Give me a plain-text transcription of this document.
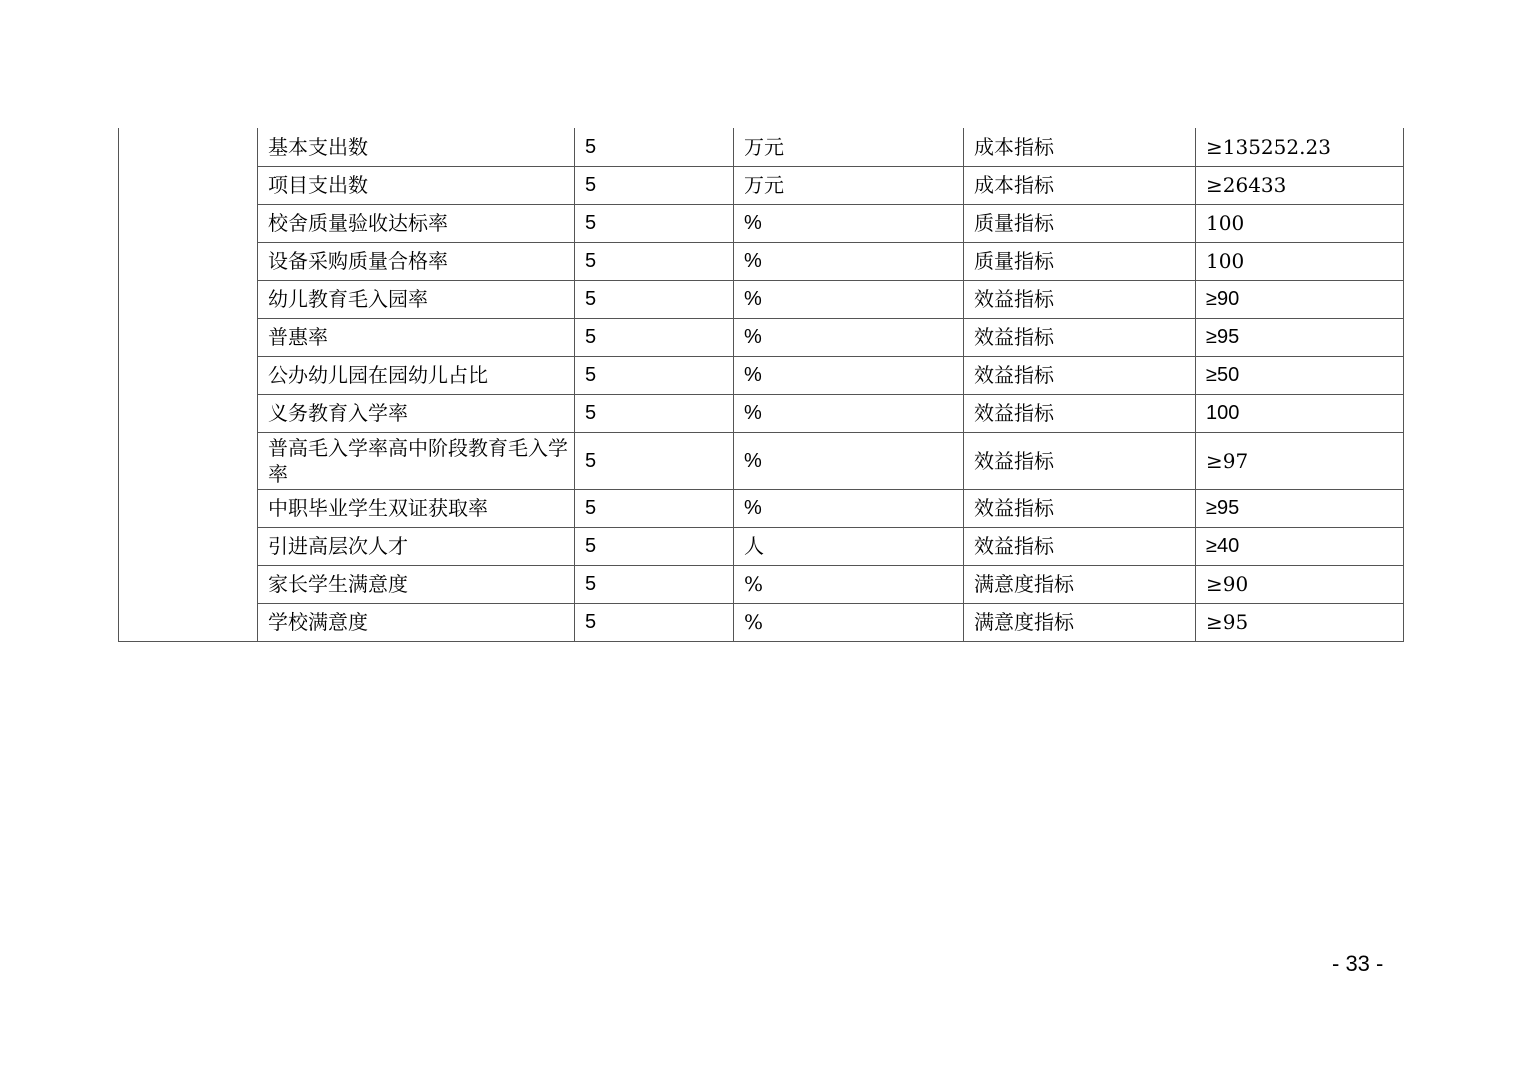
	基本支出数	5	万元	成本指标	≥135252.23
	项目支出数	5	万元	成本指标	≥26433
	校舍质量验收达标率	5	%	质量指标	100
	设备采购质量合格率	5	%	质量指标	100
	幼儿教育毛入园率	5	%	效益指标	≥90
	普惠率	5	%	效益指标	≥95
	公办幼儿园在园幼儿占比	5	%	效益指标	≥50
	义务教育入学率	5	%	效益指标	100
	普高毛入学率高中阶段教育毛入学率	5	%	效益指标	≥97
	中职毕业学生双证获取率	5	%	效益指标	≥95
	引进高层次人才	5	人	效益指标	≥40
	家长学生满意度	5	%	满意度指标	≥90
	学校满意度	5	%	满意度指标	≥95
- 33 -
